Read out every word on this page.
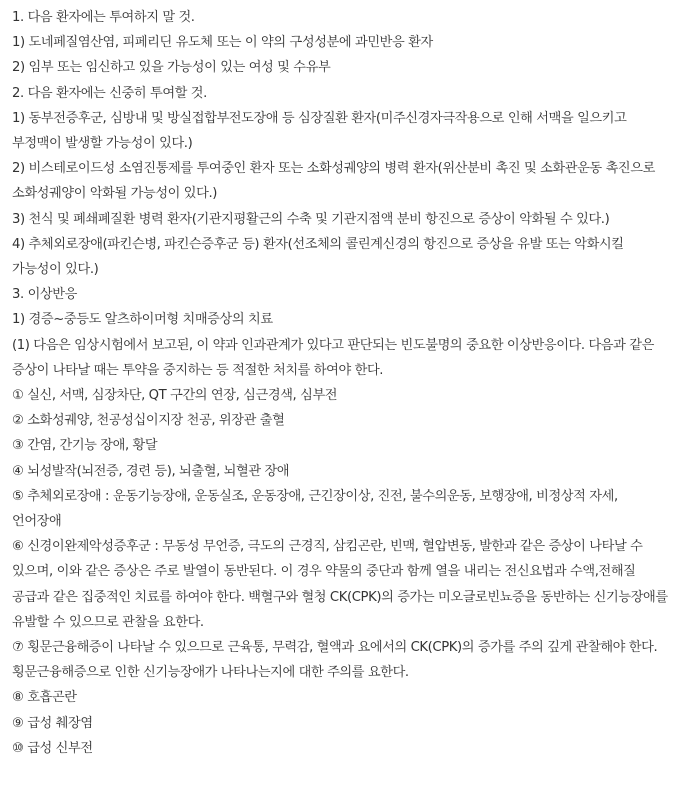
1. 다음 환자에는 투여하지 말 것.

1) 도네페질염산염, 피페리딘 유도체 또는 이 약의 구성성분에 과민반응 환자

2) 임부 또는 임신하고 있을 가능성이 있는 여성 및 수유부

2. 다음 환자에는 신중히 투여할 것.

1) 동부전증후군, 심방내 및 방실접합부전도장애 등 심장질환 환자(미주신경자극작용으로 인해 서맥을 일으키고 부정맥이 발생할 가능성이 있다.)

2) 비스테로이드성 소염진통제를 투여중인 환자 또는 소화성궤양의 병력 환자(위산분비 촉진 및 소화관운동 촉진으로 소화성궤양이 악화될 가능성이 있다.)

3) 천식 및 폐쇄폐질환 병력 환자(기관지평활근의 수축 및 기관지점액 분비 항진으로 증상이 악화될 수 있다.)

4) 추체외로장애(파킨슨병, 파킨슨증후군 등) 환자(선조체의 콜린계신경의 항진으로 증상을 유발 또는 악화시킬 가능성이 있다.)

3. 이상반응

1) 경증~중등도 알츠하이머형 치매증상의 치료

(1) 다음은 임상시험에서 보고된, 이 약과 인과관계가 있다고 판단되는 빈도불명의 중요한 이상반응이다. 다음과 같은 증상이 나타날 때는 투약을 중지하는 등 적절한 처치를 하여야 한다.

① 실신, 서맥, 심장차단, QT 구간의 연장, 심근경색, 심부전

② 소화성궤양, 천공성십이지장 천공, 위장관 출혈

③ 간염, 간기능 장애, 황달

④ 뇌성발작(뇌전증, 경련 등), 뇌출혈, 뇌혈관 장애

⑤ 추체외로장애 : 운동기능장애, 운동실조, 운동장애, 근긴장이상, 진전, 불수의운동, 보행장애, 비정상적 자세, 언어장애

⑥ 신경이완제악성증후군 : 무동성 무언증, 극도의 근경직, 삼킴곤란, 빈맥, 혈압변동, 발한과 같은 증상이 나타날 수 있으며, 이와 같은 증상은 주로 발열이 동반된다. 이 경우 약물의 중단과 함께 열을 내리는 전신요법과 수액,전해질 공급과 같은 집중적인 치료를 하여야 한다. 백혈구와 혈청 CK(CPK)의 증가는 미오글로빈뇨증을 동반하는 신기능장애를 유발할 수 있으므로 관찰을 요한다.

⑦ 횡문근융해증이 나타날 수 있으므로 근육통, 무력감, 혈액과 요에서의 CK(CPK)의 증가를 주의 깊게 관찰해야 한다. 횡문근융해증으로 인한 신기능장애가 나타나는지에 대한 주의를 요한다.

⑧ 호흡곤란

⑨ 급성 췌장염

⑩ 급성 신부전
